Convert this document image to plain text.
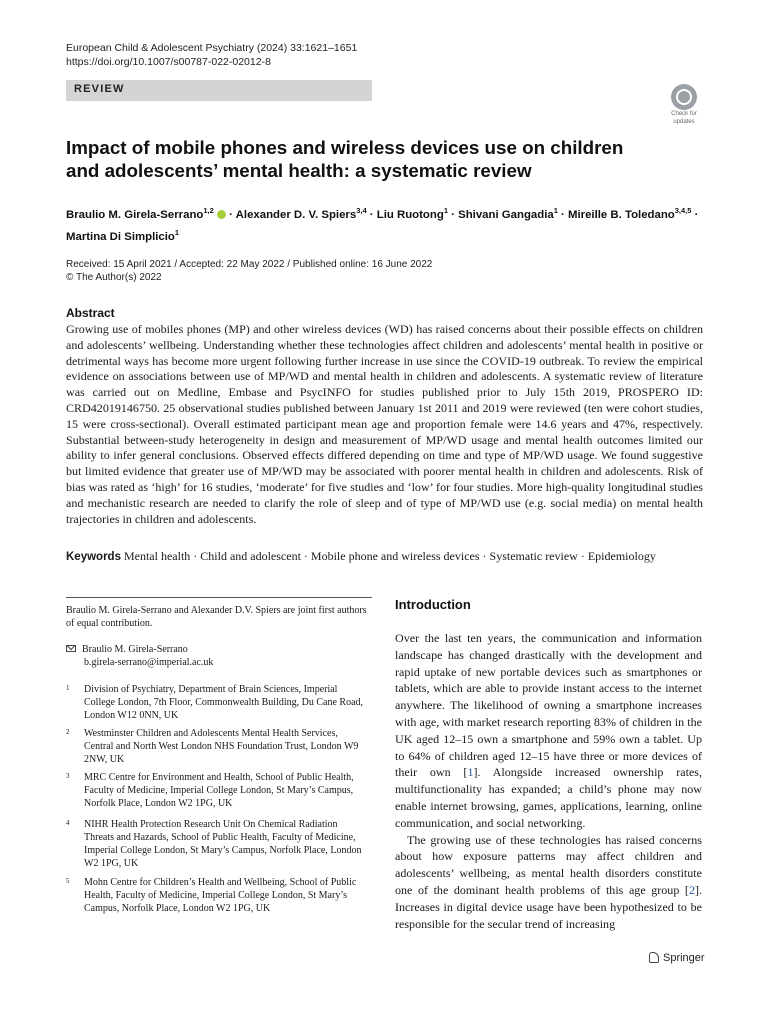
European Child & Adolescent Psychiatry (2024) 33:1621–1651
https://doi.org/10.1007/s00787-022-02012-8
REVIEW
Check for
updates
Impact of mobile phones and wireless devices use on children
and adolescents’ mental health: a systematic review
Braulio M. Girela-Serrano$^{1,2}$  · Alexander D. V. Spiers$^{3,4}$ · Liu Ruotong$^1$ · Shivani Gangadia$^1$ · Mireille B. Toledano$^{3,4,5}$ ·
Martina Di Simplicio$^1$
Received: 15 April 2021 / Accepted: 22 May 2022 / Published online: 16 June 2022
© The Author(s) 2022
Abstract
Growing use of mobiles phones (MP) and other wireless devices (WD) has raised concerns about their possible effects on children and adolescents’ wellbeing. Understanding whether these technologies affect children and adolescents’ mental health in positive or detrimental ways has become more urgent following further increase in use since the COVID-19 outbreak. To review the empirical evidence on associations between use of MP/WD and mental health in children and adolescents. A systematic review of literature was carried out on Medline, Embase and PsycINFO for studies published prior to July 15th 2019, PROSPERO ID: CRD42019146750. 25 observational studies published between January 1st 2011 and 2019 were reviewed (ten were cohort studies, 15 were cross-sectional). Overall estimated participant mean age and proportion female were 14.6 years and 47%, respectively. Substantial between-study heterogeneity in design and measurement of MP/WD usage and mental health outcomes limited our ability to infer general conclusions. Observed effects differed depending on time and type of MP/WD usage. We found suggestive but limited evidence that greater use of MP/WD may be associated with poorer mental health in children and adolescents. Risk of bias was rated as ‘high’ for 16 studies, ‘moderate’ for five studies and ‘low’ for four studies. More high-quality longitudinal studies and mechanistic research are needed to clarify the role of sleep and of type of MP/WD use (e.g. social media) on mental health trajectories in children and adolescents.
Keywords Mental health · Child and adolescent · Mobile phone and wireless devices · Systematic review · Epidemiology
Braulio M. Girela-Serrano and Alexander D.V. Spiers are joint first authors of equal contribution.
Braulio M. Girela-Serrano
b.girela-serrano@imperial.ac.uk
1	Division of Psychiatry, Department of Brain Sciences, Imperial College London, 7th Floor, Commonwealth Building, Du Cane Road, London W12 0NN, UK
2	Westminster Children and Adolescents Mental Health Services, Central and North West London NHS Foundation Trust, London W9 2NW, UK
3	MRC Centre for Environment and Health, School of Public Health, Faculty of Medicine, Imperial College London, St Mary’s Campus, Norfolk Place, London W2 1PG, UK
4	NIHR Health Protection Research Unit On Chemical Radiation Threats and Hazards, School of Public Health, Faculty of Medicine, Imperial College London, St Mary’s Campus, Norfolk Place, London W2 1PG, UK
5	Mohn Centre for Children’s Health and Wellbeing, School of Public Health, Faculty of Medicine, Imperial College London, St Mary’s Campus, Norfolk Place, London W2 1PG, UK
Introduction

Over the last ten years, the communication and information landscape has changed drastically with the development and rapid uptake of new portable devices such as smartphones or tablets, which are able to provide instant access to the internet anywhere. The likelihood of owning a smartphone increases with age, with market research reporting 83% of children in the UK aged 12–15 own a smartphone and 59% own a tablet. Up to 64% of children aged 12–15 have three or more devices of their own [1]. Alongside increased ownership rates, multifunctionality has expanded; a child’s phone may now enable internet browsing, games, applications, learning, online communication, and social networking.

The growing use of these technologies has raised concerns about how exposure patterns may affect children and adolescents’ wellbeing, as mental health disorders constitute one of the dominant health problems of this age group [2]. Increases in digital device usage have been hypothesized to be responsible for the secular trend of increasing

Springer
